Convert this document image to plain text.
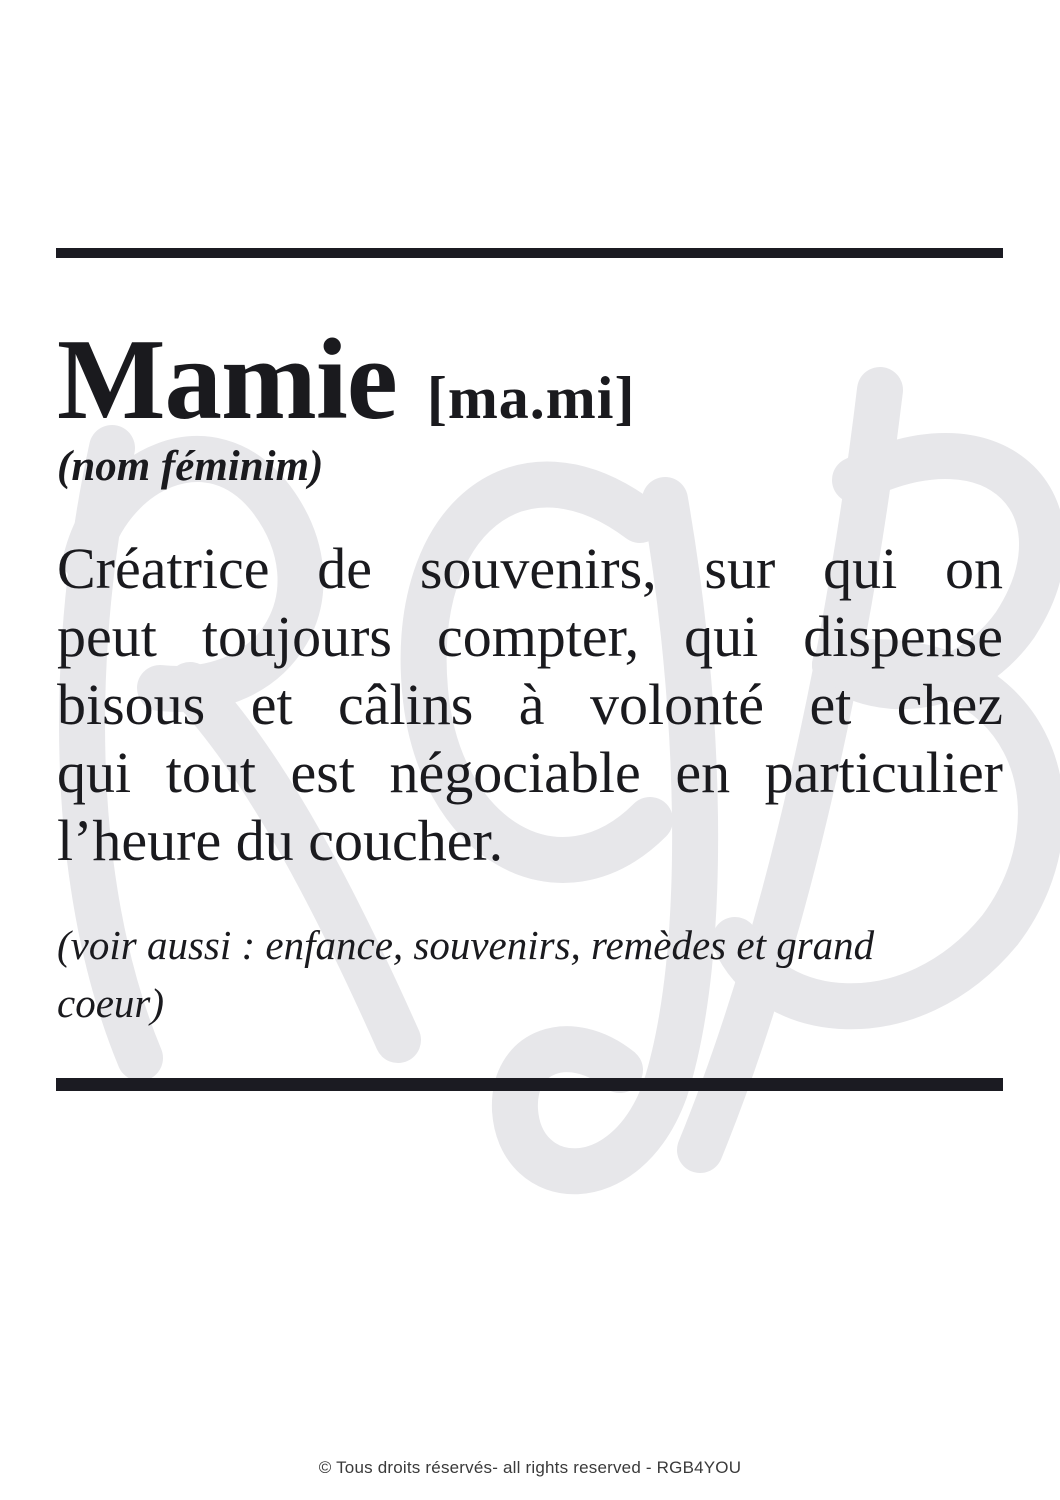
Mamie [ma.mi]
(nom féminim)
Créatrice de souvenirs, sur qui on
peut toujours compter, qui dispense
bisous et câlins à volonté et chez
qui tout est négociable en particulier
l’heure du coucher.
(voir aussi : enfance, souvenirs, remèdes et grand
coeur)
© Tous droits réservés- all rights reserved - RGB4YOU
